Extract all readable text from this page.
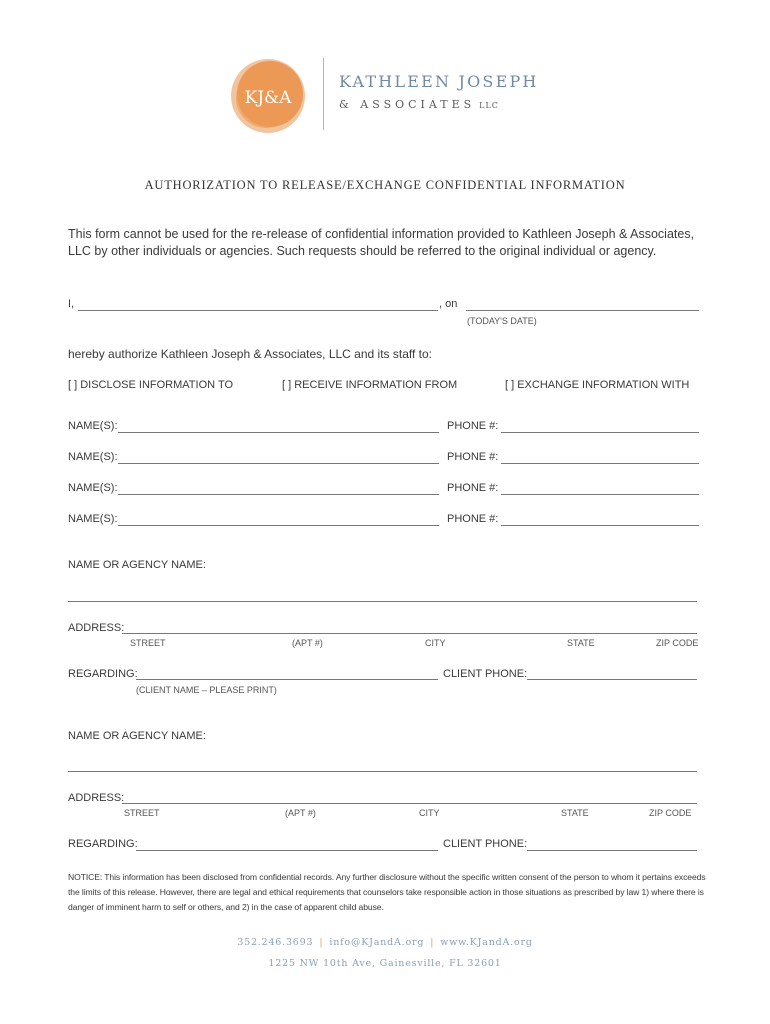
KJ&A
KATHLEEN JOSEPH
& ASSOCIATES LLC
AUTHORIZATION TO RELEASE/EXCHANGE CONFIDENTIAL INFORMATION
This form cannot be used for the re-release of confidential information provided to Kathleen Joseph & Associates, LLC by other individuals or agencies. Such requests should be referred to the original individual or agency.
I,	, on
(TODAY'S DATE)
hereby authorize Kathleen Joseph & Associates, LLC and its staff to:
[ ] DISCLOSE INFORMATION TO	[ ] RECEIVE INFORMATION FROM	[ ] EXCHANGE INFORMATION WITH
NAME(S):	PHONE #:
NAME(S):	PHONE #:
NAME(S):	PHONE #:
NAME(S):	PHONE #:
NAME OR AGENCY NAME:
ADDRESS:
STREET	(APT #)	CITY	STATE	ZIP CODE
REGARDING:	CLIENT PHONE:
(CLIENT NAME – PLEASE PRINT)
NAME OR AGENCY NAME:
ADDRESS:
STREET	(APT #)	CITY	STATE	ZIP CODE
REGARDING:	CLIENT PHONE:
NOTICE: This information has been disclosed from confidential records. Any further disclosure without the specific written consent of the person to whom it pertains exceeds the limits of this release. However, there are legal and ethical requirements that counselors take responsible action in those situations as prescribed by law 1) where there is danger of imminent harm to self or others, and 2) in the case of apparent child abuse.
352.246.3693 | info@KJandA.org | www.KJandA.org
1225 NW 10th Ave, Gainesville, FL 32601
